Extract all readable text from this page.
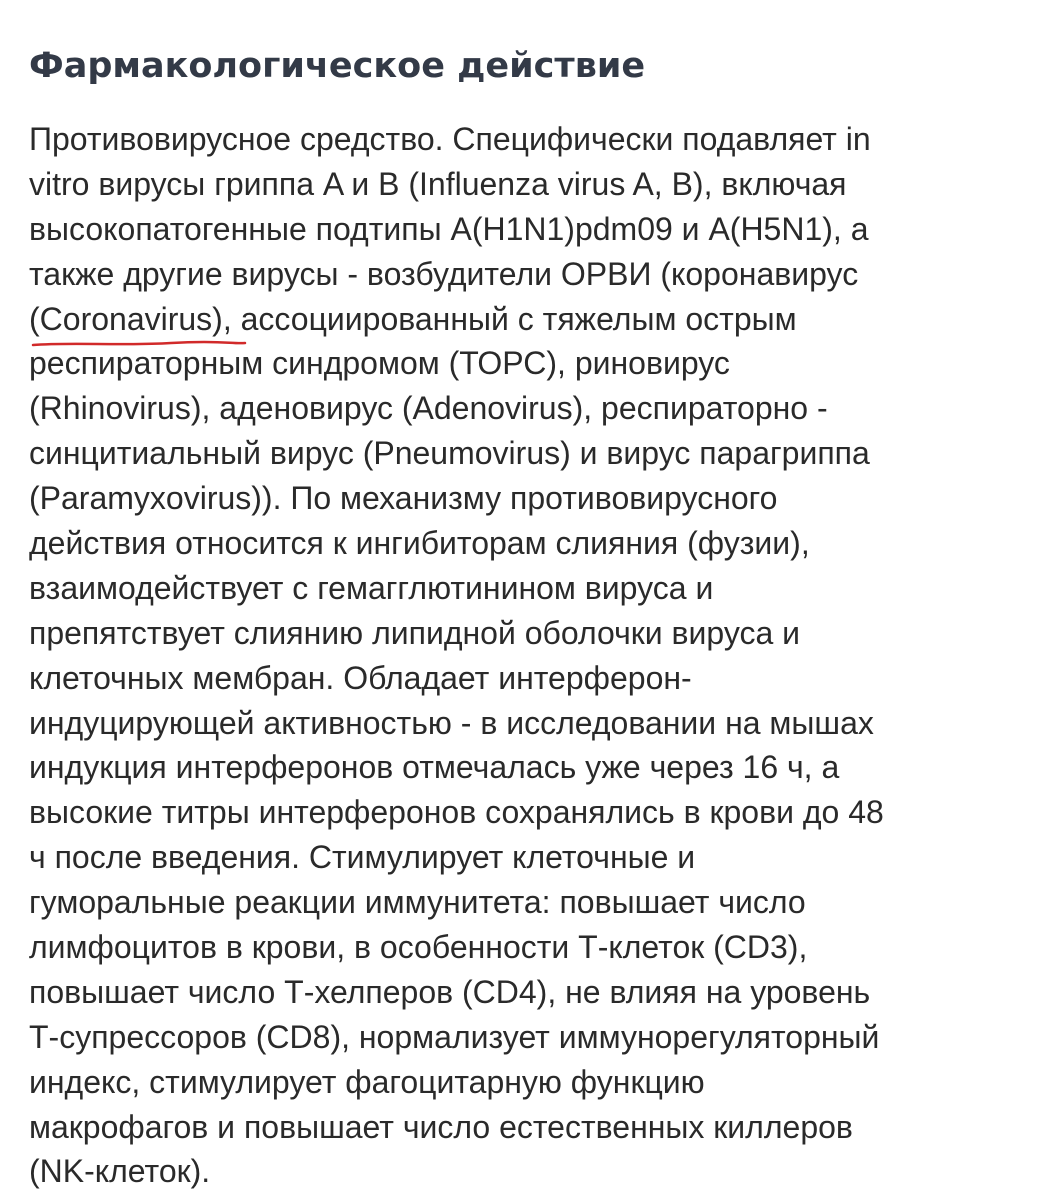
Фармакологическое действие
Противовирусное средство. Специфически подавляет in
vitro вирусы гриппа A и B (Influenza virus A, B), включая
высокопатогенные подтипы A(H1N1)pdm09 и A(H5N1), а
также другие вирусы - возбудители ОРВИ (коронавирус
(Coronavirus), ассоциированный с тяжелым острым
респираторным синдромом (ТОРС), риновирус
(Rhinovirus), аденовирус (Adenovirus), респираторно -
синцитиальный вирус (Pneumovirus) и вирус парагриппа
(Paramyxovirus)). По механизму противовирусного
действия относится к ингибиторам слияния (фузии),
взаимодействует с гемагглютинином вируса и
препятствует слиянию липидной оболочки вируса и
клеточных мембран. Обладает интерферон-
индуцирующей активностью - в исследовании на мышах
индукция интерферонов отмечалась уже через 16 ч, а
высокие титры интерферонов сохранялись в крови до 48
ч после введения. Стимулирует клеточные и
гуморальные реакции иммунитета: повышает число
лимфоцитов в крови, в особенности Т-клеток (CD3),
повышает число Т-хелперов (CD4), не влияя на уровень
Т-супрессоров (CD8), нормализует иммунорегуляторный
индекс, стимулирует фагоцитарную функцию
макрофагов и повышает число естественных киллеров
(NK-клеток).
